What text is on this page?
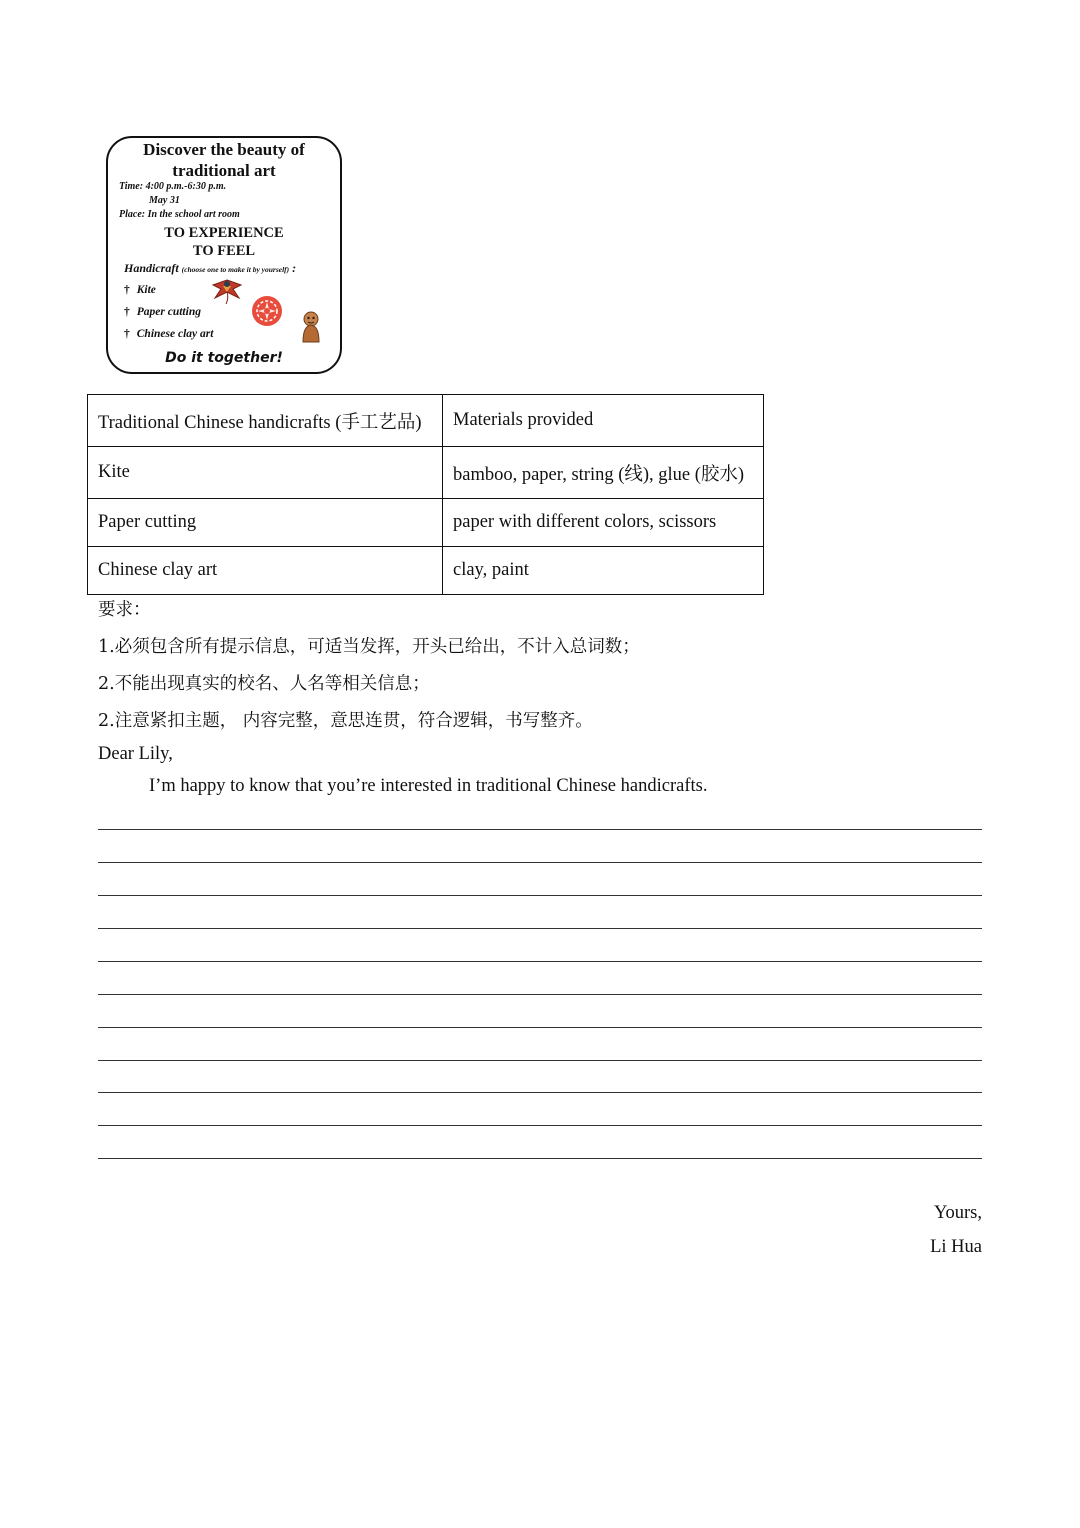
Discover the beauty of
traditional art
Time: 4:00 p.m.-6:30 p.m.
May 31
Place: In the school art room
TO EXPERIENCE
TO FEEL
Handicraft (choose one to make it by yourself) :
† Kite
† Paper cutting
† Chinese clay art
Do it together!
Traditional Chinese handicrafts (手工艺品)	Materials provided
Kite	bamboo, paper, string (线), glue (胶水)
Paper cutting	paper with different colors, scissors
Chinese clay art	clay, paint
要求：
1.必须包含所有提示信息，可适当发挥，开头已给出，不计入总词数；
2.不能出现真实的校名、人名等相关信息；
2.注意紧扣主题， 内容完整，意思连贯，符合逻辑，书写整齐。
Dear Lily,
I’m happy to know that you’re interested in traditional Chinese handicrafts.
Yours,
Li Hua
